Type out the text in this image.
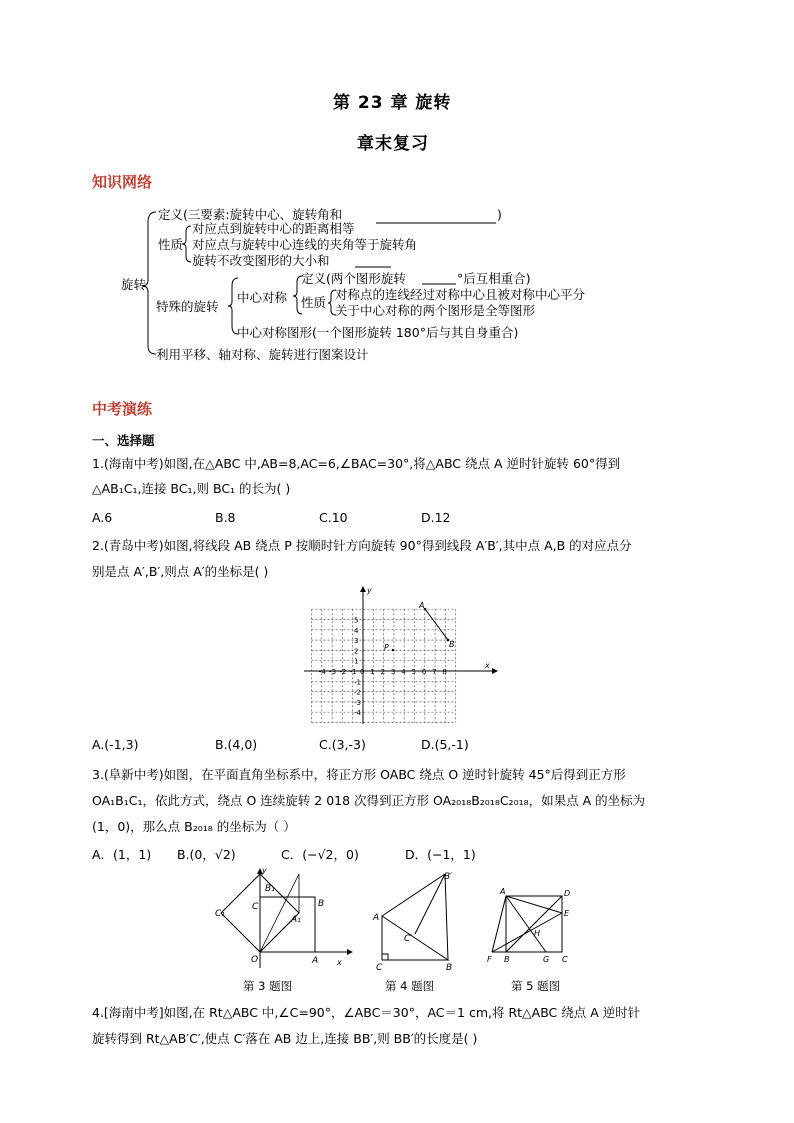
第 23 章 旋转
章末复习
知识网络
旋转
定义(三要素:旋转中心、旋转角和	)
性质
对应点到旋转中心的距离相等
对应点与旋转中心连线的夹角等于旋转角
旋转不改变图形的大小和
特殊的旋转
中心对称
定义(两个图形旋转	°后互相重合)
性质
对称点的连线经过对称中心且被对称中心平分
关于中心对称的两个图形是全等图形
中心对称图形(一个图形旋转 180°后与其自身重合)
利用平移、轴对称、旋转进行图案设计
中考演练
一、选择题
1.(海南中考)如图,在△ABC 中,AB=8,AC=6,∠BAC=30°,将△ABC 绕点 A 逆时针旋转 60°得到
△AB₁C₁,连接 BC₁,则 BC₁ 的长为( )
A.6	B.8	C.10	D.12
2.(青岛中考)如图,将线段 AB 绕点 P 按顺时针方向旋转 90°得到线段 A′B′,其中点 A,B 的对应点分
别是点 A′,B′,则点 A′的坐标是( )
x
y
-4 -3 -2 -1 0 1 2 3 4 5 6 7 8
5
4
3
2
1
-1
-2
-3
-4
A
B
P
A.(-1,3)	B.(4,0)	C.(3,-3)	D.(5,-1)
3.(阜新中考)如图，在平面直角坐标系中，将正方形 OABC 绕点 O 逆时针旋转 45°后得到正方形
OA₁B₁C₁，依此方式，绕点 O 连续旋转 2 018 次得到正方形 OA₂₀₁₈B₂₀₁₈C₂₀₁₈，如果点 A 的坐标为
(1，0)，那么点 B₂₀₁₈ 的坐标为（ ）
A．(1，1) B.(0，√2)	C．(−√2，0)	D．(−1，1)
y
B₁
C₁
C	B
A₁
O	A x
B′
A
C′
C	B
A	D
E
H
F B	G C
第 3 题图	第 4 题图	第 5 题图
4.[海南中考]如图,在 Rt△ABC 中,∠C=90°，∠ABC＝30°，AC＝1 cm,将 Rt△ABC 绕点 A 逆时针
旋转得到 Rt△AB′C′,使点 C′落在 AB 边上,连接 BB′,则 BB′的长度是( )
